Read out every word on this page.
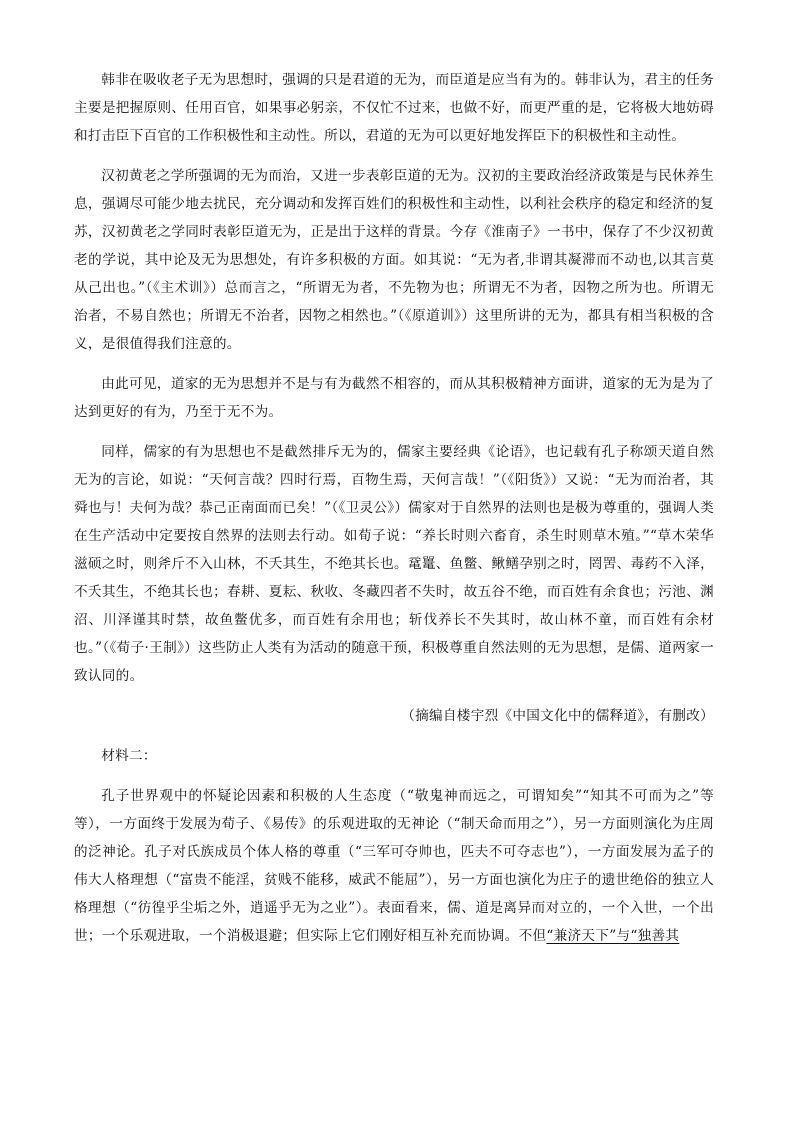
韩非在吸收老子无为思想时，强调的只是君道的无为，而臣道是应当有为的。韩非认为，君主的任务主要是把握原则、任用百官，如果事必躬亲，不仅忙不过来，也做不好，而更严重的是，它将极大地妨碍和打击臣下百官的工作积极性和主动性。所以，君道的无为可以更好地发挥臣下的积极性和主动性。

汉初黄老之学所强调的无为而治，又进一步表彰臣道的无为。汉初的主要政治经济政策是与民休养生息，强调尽可能少地去扰民，充分调动和发挥百姓们的积极性和主动性，以利社会秩序的稳定和经济的复苏，汉初黄老之学同时表彰臣道无为，正是出于这样的背景。今存《淮南子》一书中，保存了不少汉初黄老的学说，其中论及无为思想处，有许多积极的方面。如其说：“无为者,非谓其凝滞而不动也,以其言莫从己出也。”（《主术训》）总而言之，“所谓无为者，不先物为也；所谓无不为者，因物之所为也。所谓无治者，不易自然也；所谓无不治者，因物之相然也。”（《原道训》）这里所讲的无为，都具有相当积极的含义，是很值得我们注意的。

由此可见，道家的无为思想并不是与有为截然不相容的，而从其积极精神方面讲，道家的无为是为了达到更好的有为，乃至于无不为。

同样，儒家的有为思想也不是截然排斥无为的，儒家主要经典《论语》，也记载有孔子称颂天道自然无为的言论，如说：“天何言哉？四时行焉，百物生焉，天何言哉！”（《阳货》）又说：“无为而治者，其舜也与！夫何为哉？恭己正南面而已矣！”（《卫灵公》）儒家对于自然界的法则也是极为尊重的，强调人类在生产活动中定要按自然界的法则去行动。如荀子说：“养长时则六畜育，杀生时则草木殖。”“草木荣华滋硕之时，则斧斤不入山林，不夭其生，不绝其长也。鼋鼍、鱼鳖、鳅鳝孕别之时，罔罟、毒药不入泽，不夭其生，不绝其长也；春耕、夏耘、秋收、冬藏四者不失时，故五谷不绝，而百姓有余食也；污池、渊沼、川泽谨其时禁，故鱼鳖优多，而百姓有余用也；斩伐养长不失其时，故山林不童，而百姓有余材也。”（《荀子·王制》）这些防止人类有为活动的随意干预，积极尊重自然法则的无为思想，是儒、道两家一致认同的。

（摘编自楼宇烈《中国文化中的儒释道》，有删改）

材料二：

孔子世界观中的怀疑论因素和积极的人生态度（“敬鬼神而远之，可谓知矣”“知其不可而为之”等等），一方面终于发展为荀子、《易传》的乐观进取的无神论（“制天命而用之”），另一方面则演化为庄周的泛神论。孔子对氏族成员个体人格的尊重（“三军可夺帅也，匹夫不可夺志也”），一方面发展为孟子的伟大人格理想（“富贵不能淫，贫贱不能移，威武不能屈”），另一方面也演化为庄子的遗世绝俗的独立人格理想（“彷徨乎尘垢之外，逍遥乎无为之业”）。表面看来，儒、道是离异而对立的，一个入世，一个出世；一个乐观进取，一个消极退避；但实际上它们刚好相互补充而协调。不但“兼济天下”与“独善其
